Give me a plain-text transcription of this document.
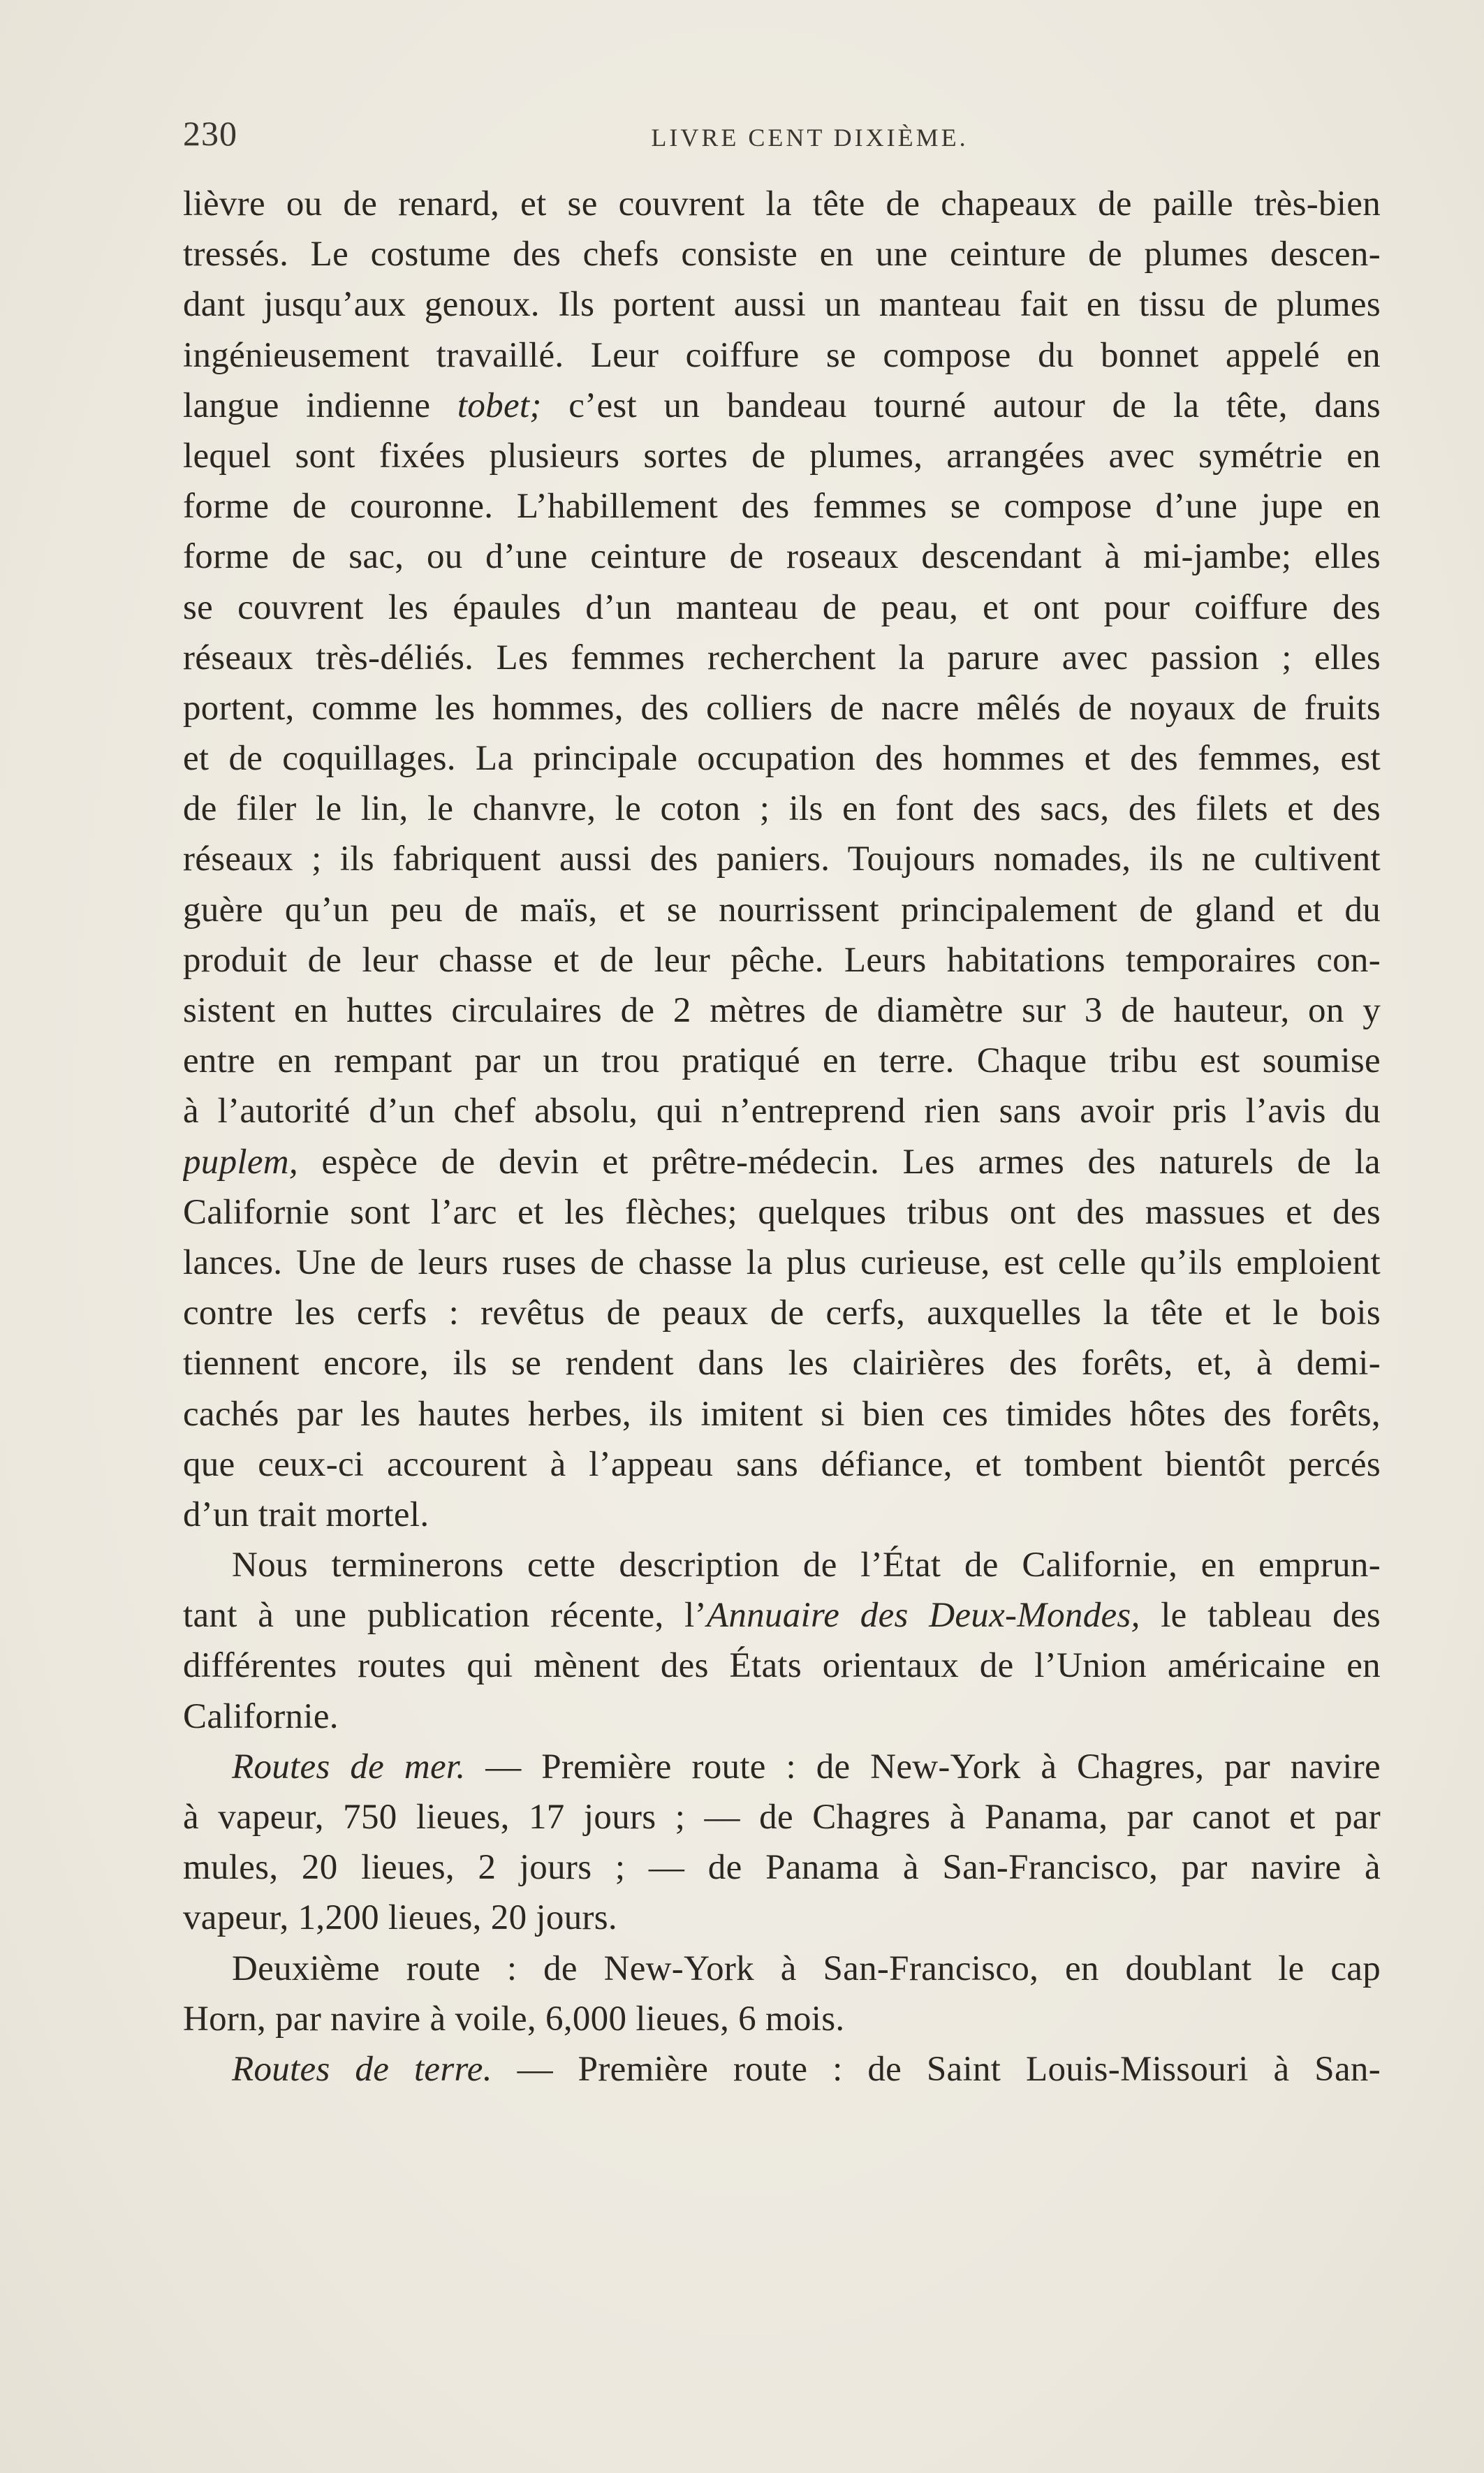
230	LIVRE CENT DIXIÈME.
lièvre ou de renard, et se couvrent la tête de chapeaux de paille très-bien
tressés. Le costume des chefs consiste en une ceinture de plumes descen-
dant jusqu’aux genoux. Ils portent aussi un manteau fait en tissu de plumes
ingénieusement travaillé. Leur coiffure se compose du bonnet appelé en
langue indienne tobet; c’est un bandeau tourné autour de la tête, dans
lequel sont fixées plusieurs sortes de plumes, arrangées avec symétrie en
forme de couronne. L’habillement des femmes se compose d’une jupe en
forme de sac, ou d’une ceinture de roseaux descendant à mi-jambe; elles
se couvrent les épaules d’un manteau de peau, et ont pour coiffure des
réseaux très-déliés. Les femmes recherchent la parure avec passion ; elles
portent, comme les hommes, des colliers de nacre mêlés de noyaux de fruits
et de coquillages. La principale occupation des hommes et des femmes, est
de filer le lin, le chanvre, le coton ; ils en font des sacs, des filets et des
réseaux ; ils fabriquent aussi des paniers. Toujours nomades, ils ne cultivent
guère qu’un peu de maïs, et se nourrissent principalement de gland et du
produit de leur chasse et de leur pêche. Leurs habitations temporaires con-
sistent en huttes circulaires de 2 mètres de diamètre sur 3 de hauteur, on y
entre en rempant par un trou pratiqué en terre. Chaque tribu est soumise
à l’autorité d’un chef absolu, qui n’entreprend rien sans avoir pris l’avis du
puplem, espèce de devin et prêtre-médecin. Les armes des naturels de la
Californie sont l’arc et les flèches; quelques tribus ont des massues et des
lances. Une de leurs ruses de chasse la plus curieuse, est celle qu’ils emploient
contre les cerfs : revêtus de peaux de cerfs, auxquelles la tête et le bois
tiennent encore, ils se rendent dans les clairières des forêts, et, à demi-
cachés par les hautes herbes, ils imitent si bien ces timides hôtes des forêts,
que ceux-ci accourent à l’appeau sans défiance, et tombent bientôt percés
d’un trait mortel.
Nous terminerons cette description de l’État de Californie, en emprun-
tant à une publication récente, l’Annuaire des Deux-Mondes, le tableau des
différentes routes qui mènent des États orientaux de l’Union américaine en
Californie.
Routes de mer. — Première route : de New-York à Chagres, par navire
à vapeur, 750 lieues, 17 jours ; — de Chagres à Panama, par canot et par
mules, 20 lieues, 2 jours ; — de Panama à San-Francisco, par navire à
vapeur, 1,200 lieues, 20 jours.
Deuxième route : de New-York à San-Francisco, en doublant le cap
Horn, par navire à voile, 6,000 lieues, 6 mois.
Routes de terre. — Première route : de Saint Louis-Missouri à San-
